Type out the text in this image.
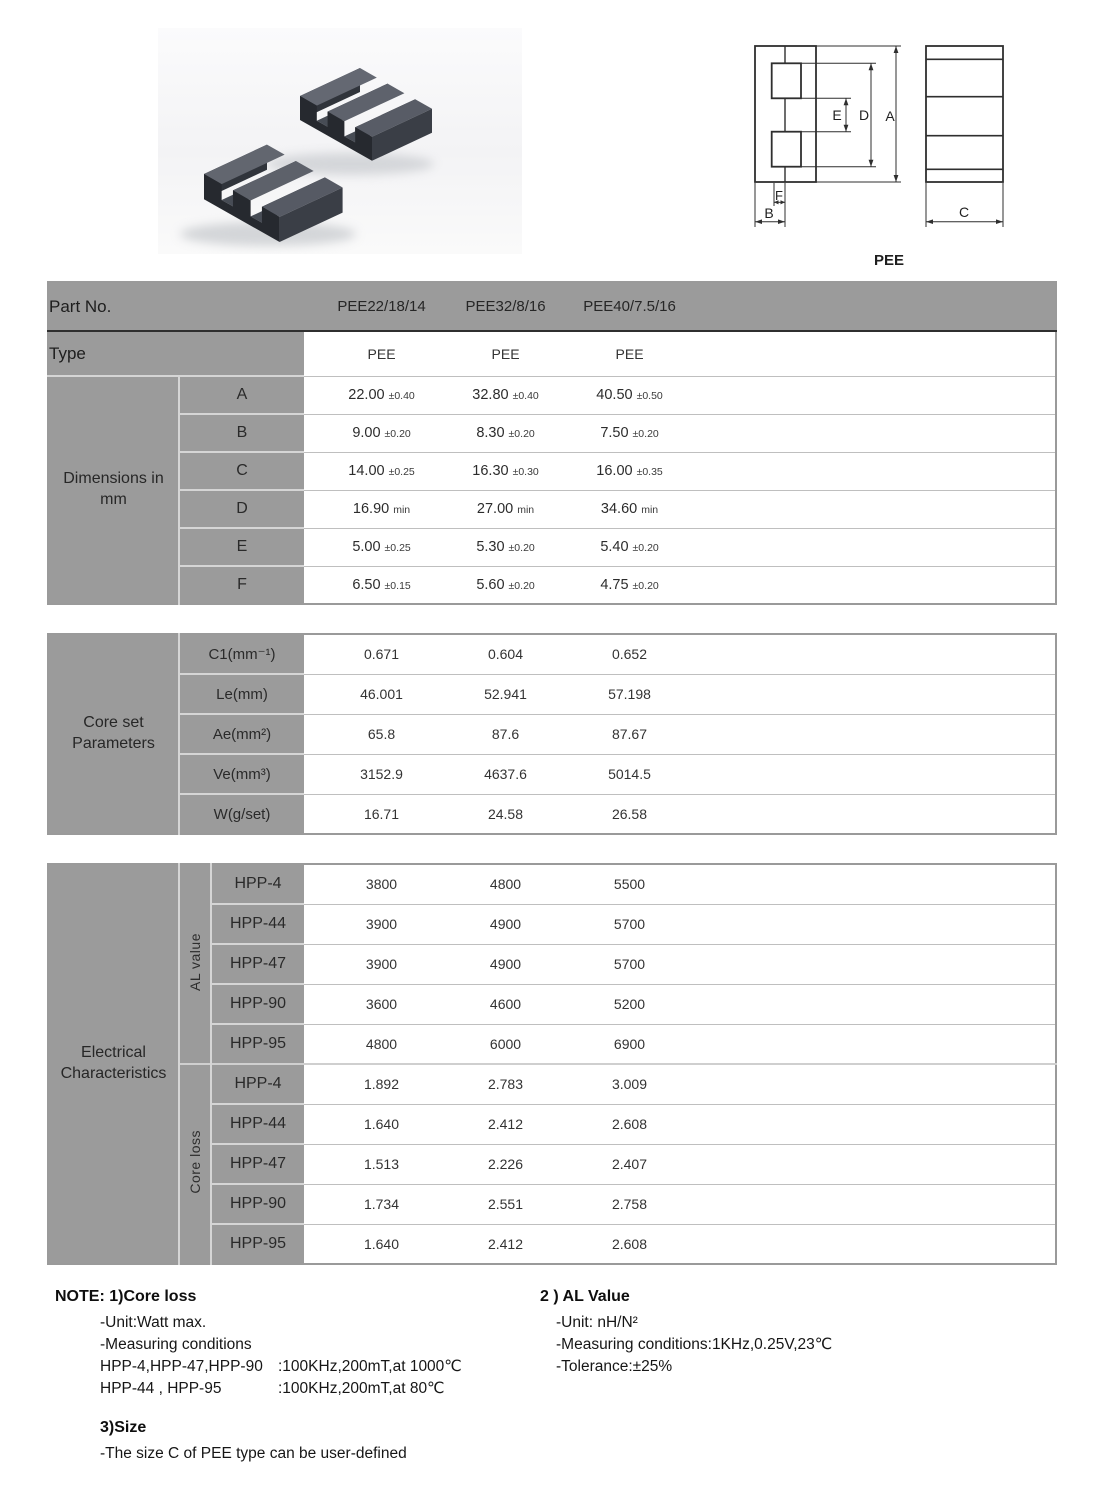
E D A
F
B	C
PEE
Part No.			PEE22/18/14	PEE32/8/16	PEE40/7.5/16	
Type			PEE	PEE	PEE	
Dimensions in mm	A		22.00 ±0.40	32.80 ±0.40	40.50 ±0.50	
	B		9.00 ±0.20	8.30 ±0.20	7.50 ±0.20	
	C		14.00 ±0.25	16.30 ±0.30	16.00 ±0.35	
	D		16.90 min	27.00 min	34.60 min	
	E		5.00 ±0.25	5.30 ±0.20	5.40 ±0.20	
	F		6.50 ±0.15	5.60 ±0.20	4.75 ±0.20	
Core set Parameters	C1(mm⁻¹)		0.671	0.604	0.652	
	Le(mm)		46.001	52.941	57.198	
	Ae(mm²)		65.8	87.6	87.67	
	Ve(mm³)		3152.9	4637.6	5014.5	
	W(g/set)		16.71	24.58	26.58	
Electrical Characteristics	AL value	HPP-4		3800	4800	5500	
		HPP-44		3900	4900	5700	
		HPP-47		3900	4900	5700	
		HPP-90		3600	4600	5200	
		HPP-95		4800	6000	6900	
	Core loss	HPP-4		1.892	2.783	3.009	
		HPP-44		1.640	2.412	2.608	
		HPP-47		1.513	2.226	2.407	
		HPP-90		1.734	2.551	2.758	
		HPP-95		1.640	2.412	2.608	
NOTE: 1)Core loss
-Unit:Watt max.
-Measuring conditions
HPP-4,HPP-47,HPP-90 :100KHz,200mT,at 1000℃
HPP-44 , HPP-95	:100KHz,200mT,at 80℃
3)Size
-The size C of PEE type can be user-defined
2 ) AL Value
-Unit: nH/N²
-Measuring conditions:1KHz,0.25V,23℃
-Tolerance:±25%
